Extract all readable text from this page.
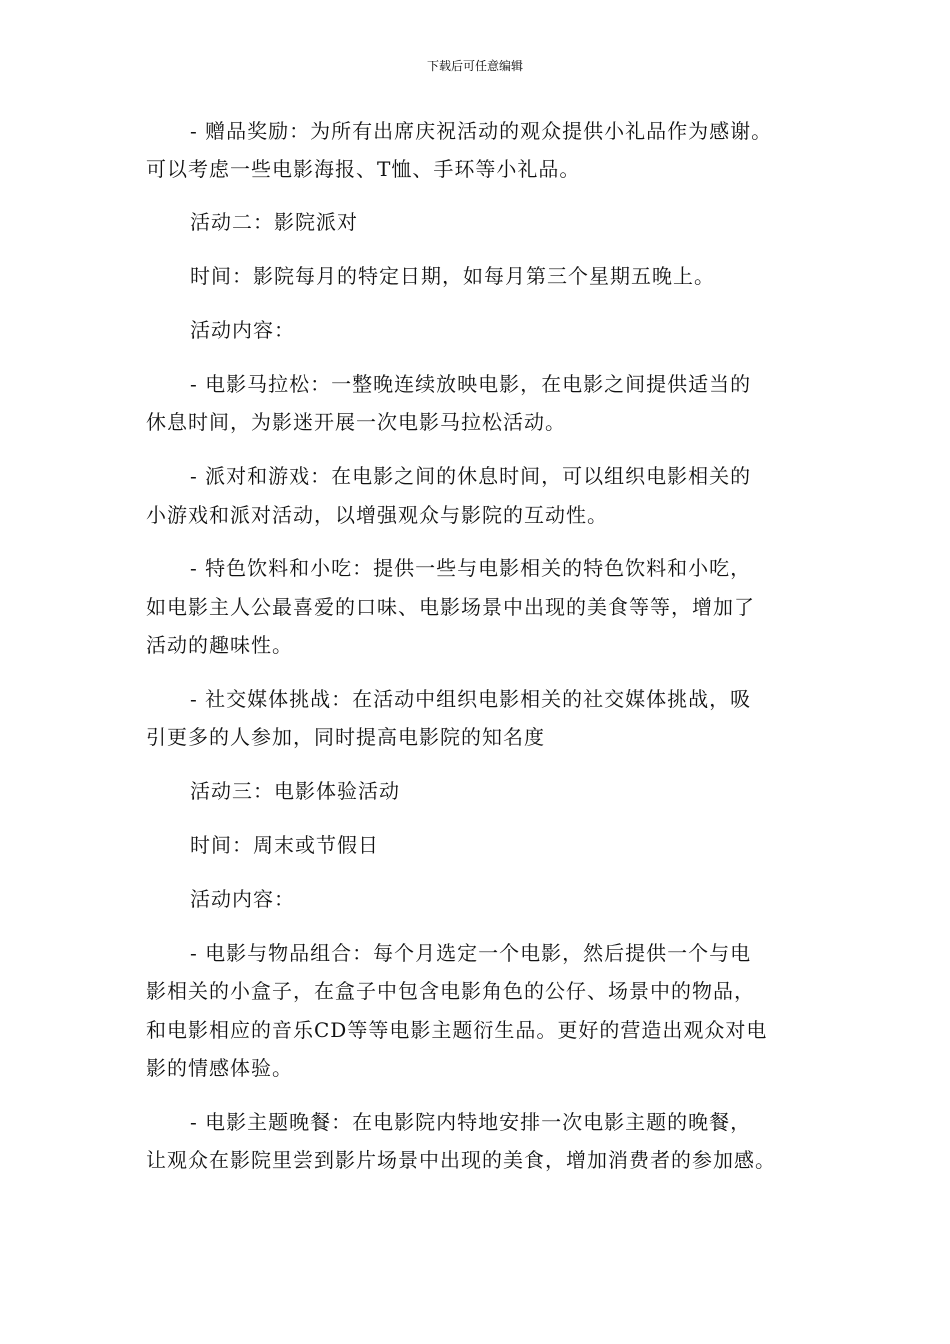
下载后可任意编辑
- 赠品奖励：为所有出席庆祝活动的观众提供小礼品作为感谢。
可以考虑一些电影海报、T恤、手环等小礼品。
活动二：影院派对
时间：影院每月的特定日期，如每月第三个星期五晚上。
活动内容：
- 电影马拉松：一整晚连续放映电影，在电影之间提供适当的
休息时间，为影迷开展一次电影马拉松活动。
- 派对和游戏：在电影之间的休息时间，可以组织电影相关的
小游戏和派对活动，以增强观众与影院的互动性。
- 特色饮料和小吃：提供一些与电影相关的特色饮料和小吃，
如电影主人公最喜爱的口味、电影场景中出现的美食等等，增加了
活动的趣味性。
- 社交媒体挑战：在活动中组织电影相关的社交媒体挑战，吸
引更多的人参加，同时提高电影院的知名度
活动三：电影体验活动
时间：周末或节假日
活动内容：
- 电影与物品组合：每个月选定一个电影，然后提供一个与电
影相关的小盒子，在盒子中包含电影角色的公仔、场景中的物品，
和电影相应的音乐CD等等电影主题衍生品。更好的营造出观众对电
影的情感体验。
- 电影主题晚餐：在电影院内特地安排一次电影主题的晚餐，
让观众在影院里尝到影片场景中出现的美食，增加消费者的参加感。
